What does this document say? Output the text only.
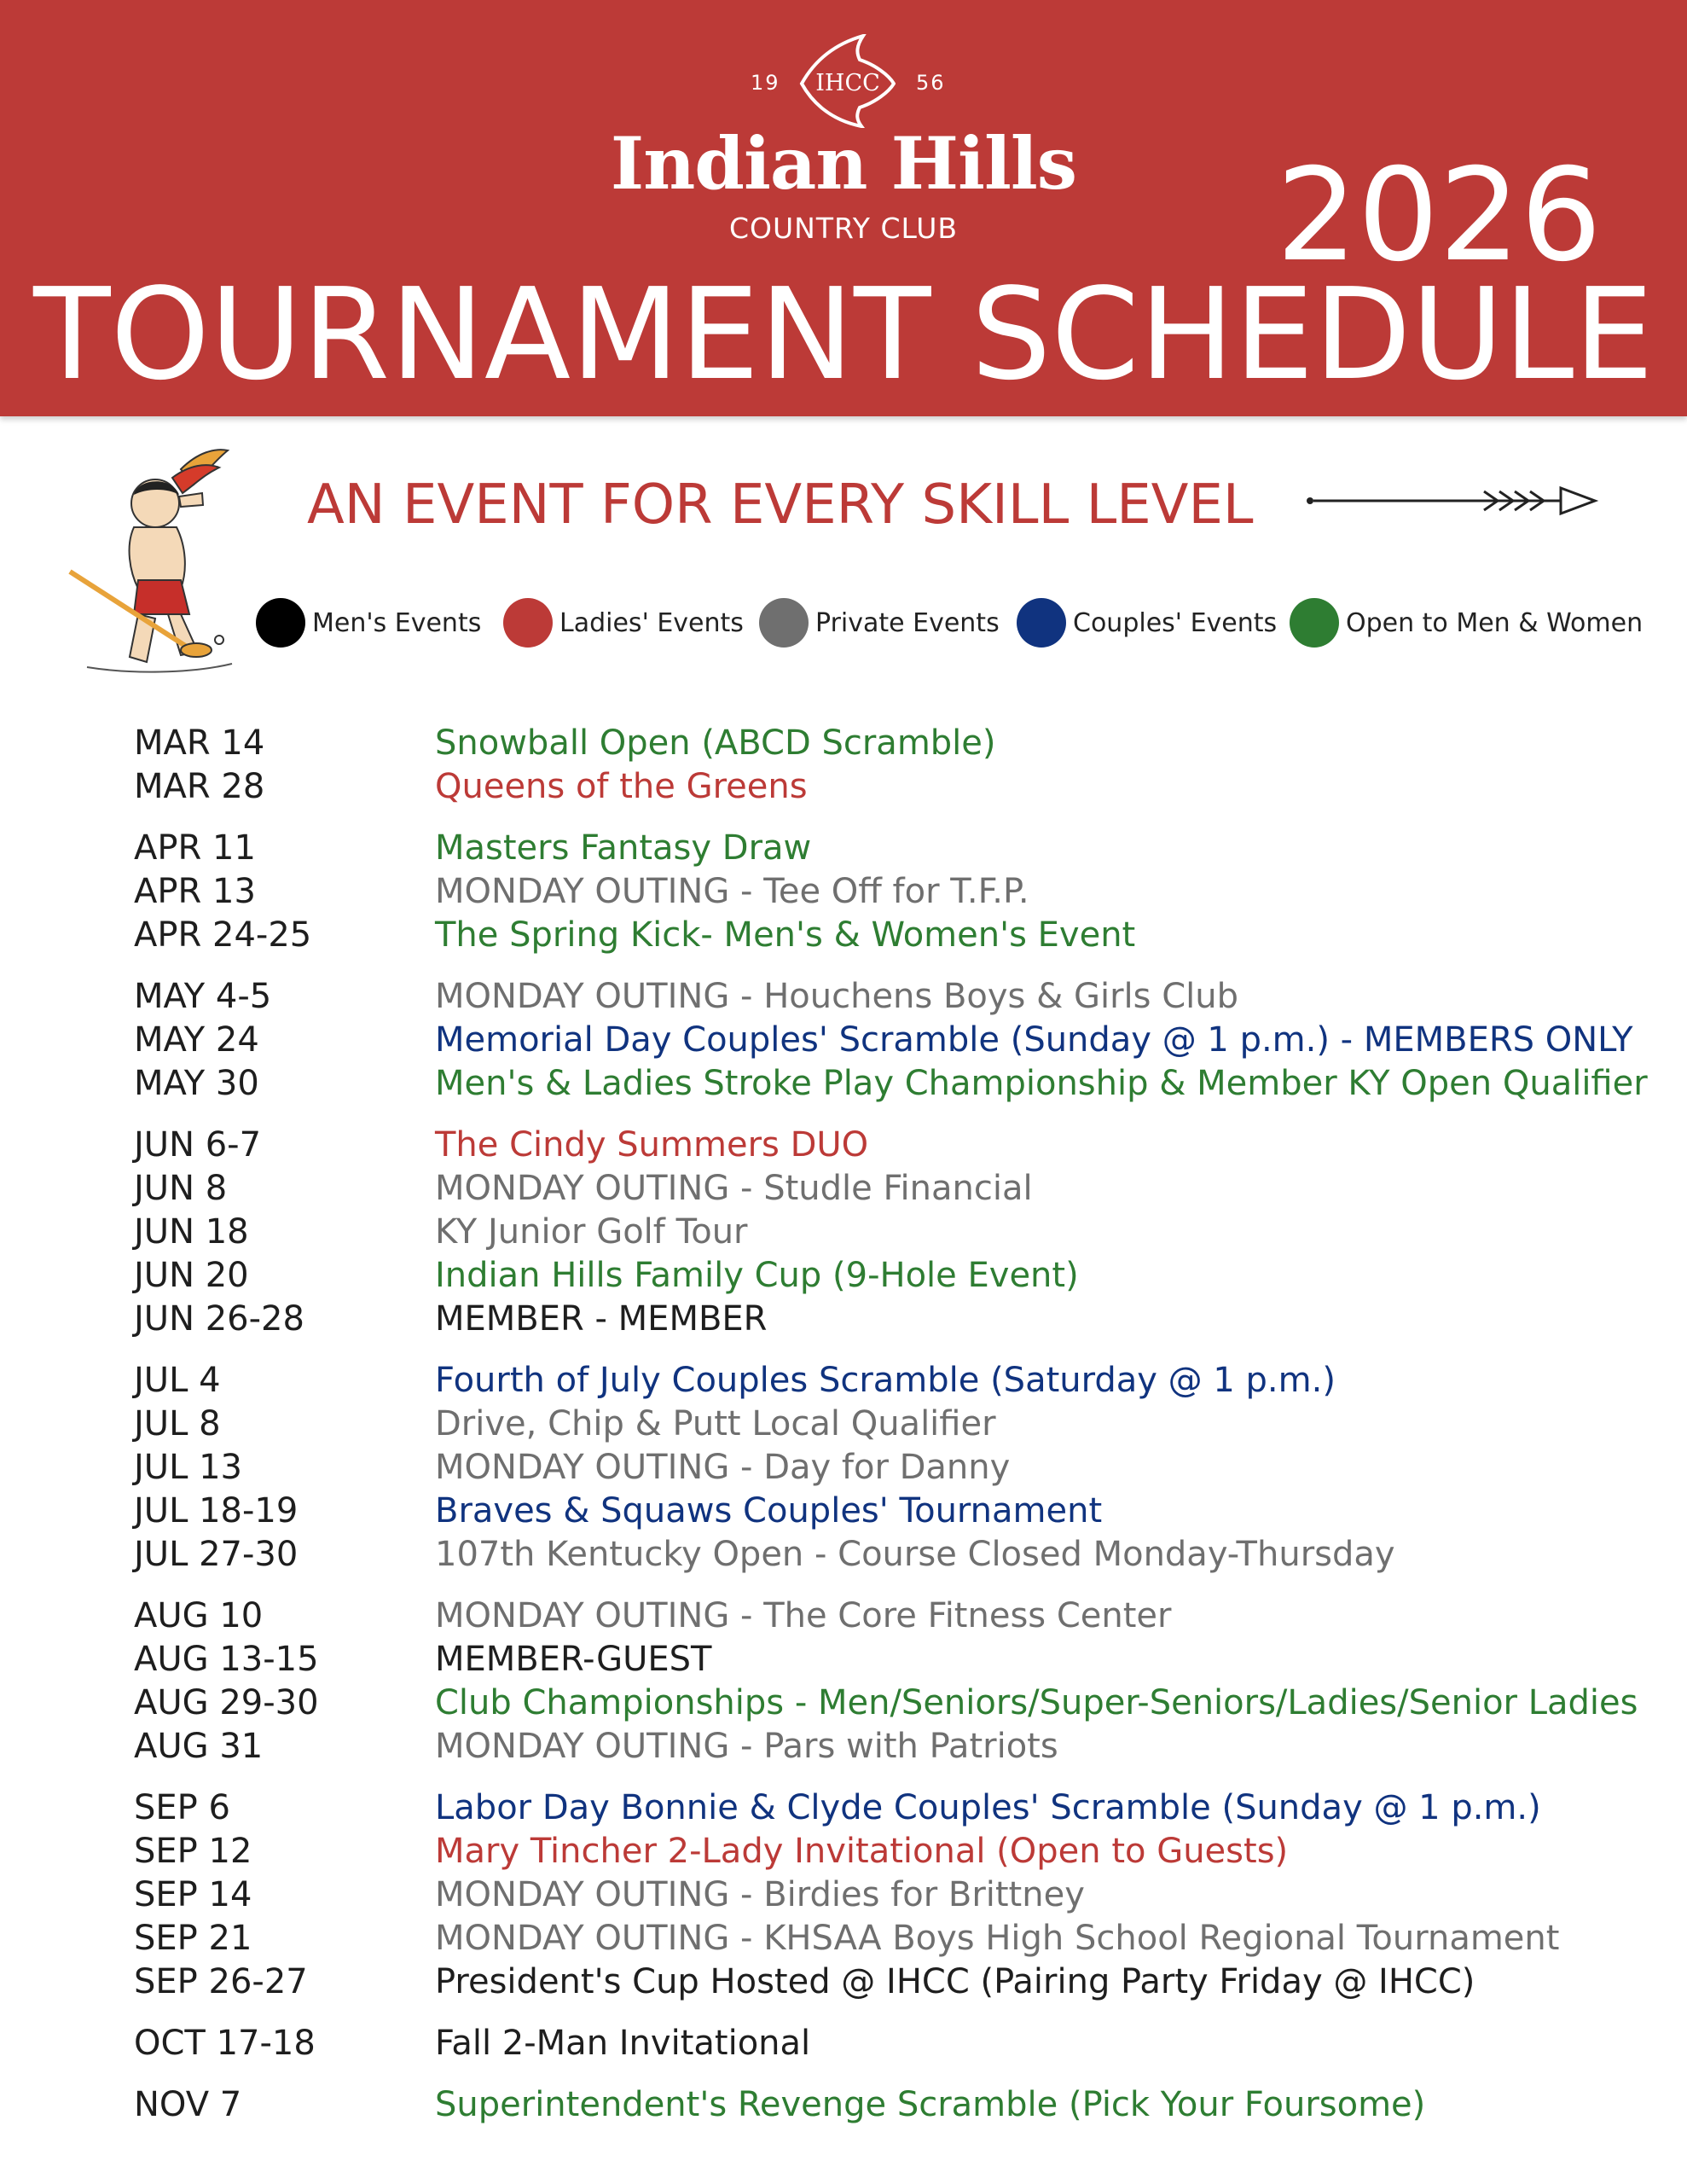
IHCC
19	56
Indian Hills
COUNTRY CLUB	2026
TOURNAMENT SCHEDULE
AN EVENT FOR EVERY SKILL LEVEL
Men's Events	Ladies' Events	Private Events	Couples' Events	Open to Men & Women
MAR 14	Snowball Open (ABCD Scramble)
MAR 28	Queens of the Greens
APR 11	Masters Fantasy Draw
APR 13	MONDAY OUTING - Tee Off for T.F.P.
APR 24-25	The Spring Kick- Men's & Women's Event
MAY 4-5	MONDAY OUTING - Houchens Boys & Girls Club
MAY 24	Memorial Day Couples' Scramble (Sunday @ 1 p.m.) - MEMBERS ONLY
MAY 30	Men's & Ladies Stroke Play Championship & Member KY Open Qualifier
JUN 6-7	The Cindy Summers DUO
JUN 8	MONDAY OUTING - Studle Financial
JUN 18	KY Junior Golf Tour
JUN 20	Indian Hills Family Cup (9-Hole Event)
JUN 26-28	MEMBER - MEMBER
JUL 4	Fourth of July Couples Scramble (Saturday @ 1 p.m.)
JUL 8	Drive, Chip & Putt Local Qualifier
JUL 13	MONDAY OUTING - Day for Danny
JUL 18-19	Braves & Squaws Couples' Tournament
JUL 27-30	107th Kentucky Open - Course Closed Monday-Thursday
AUG 10	MONDAY OUTING - The Core Fitness Center
AUG 13-15	MEMBER-GUEST
AUG 29-30	Club Championships - Men/Seniors/Super-Seniors/Ladies/Senior Ladies
AUG 31	MONDAY OUTING - Pars with Patriots
SEP 6	Labor Day Bonnie & Clyde Couples' Scramble (Sunday @ 1 p.m.)
SEP 12	Mary Tincher 2-Lady Invitational (Open to Guests)
SEP 14	MONDAY OUTING - Birdies for Brittney
SEP 21	MONDAY OUTING - KHSAA Boys High School Regional Tournament
SEP 26-27	President's Cup Hosted @ IHCC (Pairing Party Friday @ IHCC)
OCT 17-18	Fall 2-Man Invitational
NOV 7	Superintendent's Revenge Scramble (Pick Your Foursome)
